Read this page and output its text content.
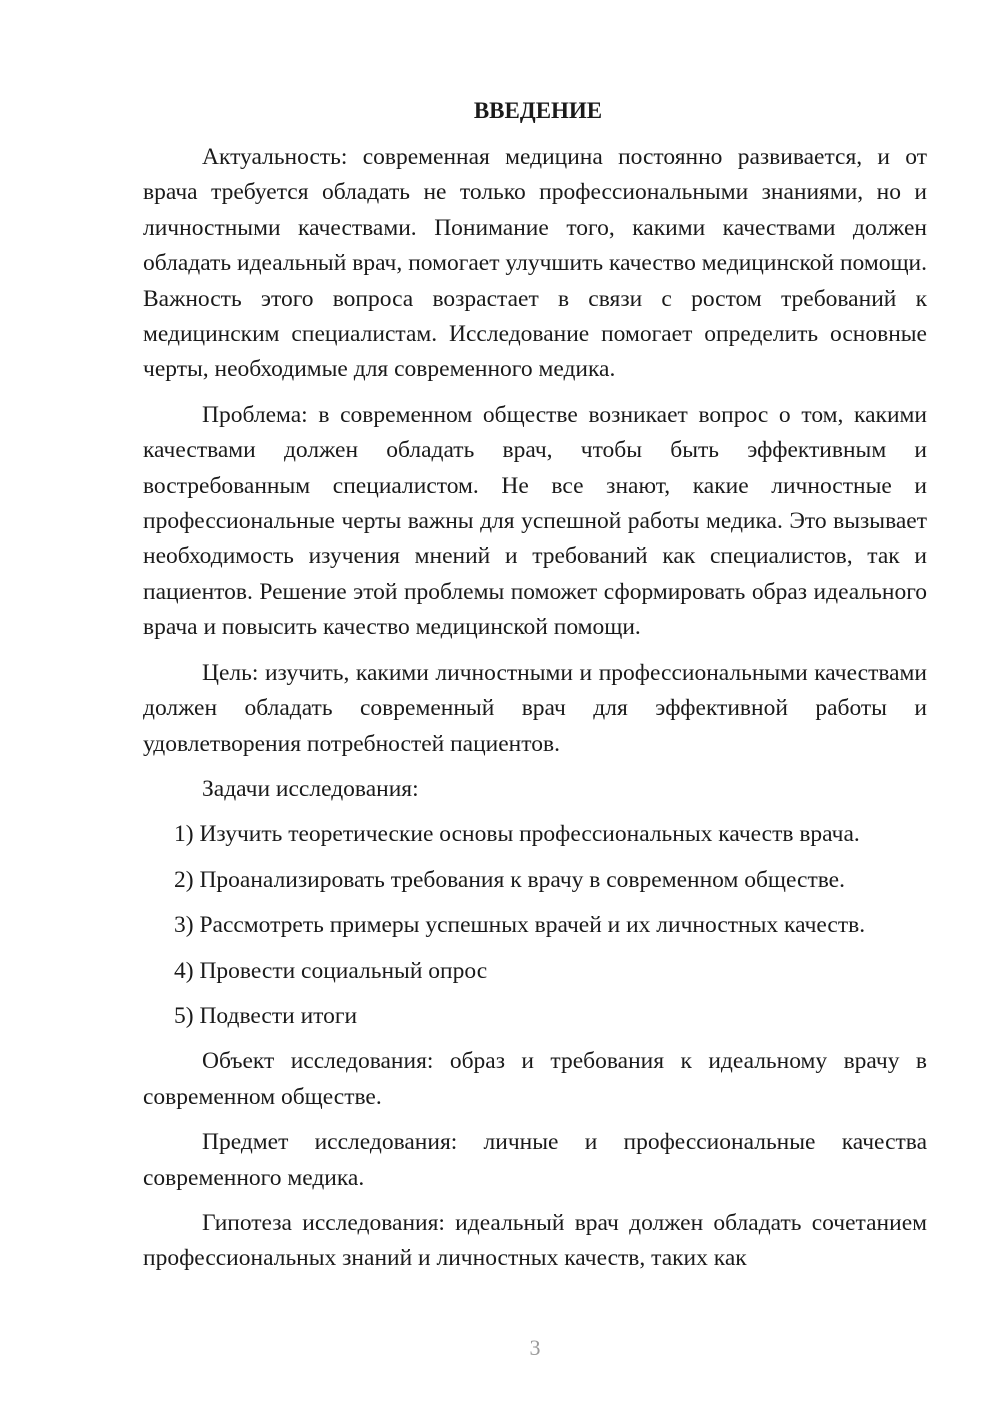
ВВЕДЕНИЕ

Актуальность: современная медицина постоянно развивается, и от врача требуется обладать не только профессиональными знаниями, но и личностными качествами. Понимание того, какими качествами должен обладать идеальный врач, помогает улучшить качество медицинской помощи. Важность этого вопроса возрастает в связи с ростом требований к медицинским специалистам. Исследование помогает определить основные черты, необходимые для современного медика.

Проблема: в современном обществе возникает вопрос о том, какими качествами должен обладать врач, чтобы быть эффективным и востребованным специалистом. Не все знают, какие личностные и профессиональные черты важны для успешной работы медика. Это вызывает необходимость изучения мнений и требований как специалистов, так и пациентов. Решение этой проблемы поможет сформировать образ идеального врача и повысить качество медицинской помощи.

Цель: изучить, какими личностными и профессиональными качествами должен обладать современный врач для эффективной работы и удовлетворения потребностей пациентов.

Задачи исследования:

1) Изучить теоретические основы профессиональных качеств врача.

2) Проанализировать требования к врачу в современном обществе.

3) Рассмотреть примеры успешных врачей и их личностных качеств.

4) Провести социальный опрос

5) Подвести итоги

Объект исследования: образ и требования к идеальному врачу в современном обществе.

Предмет исследования: личные и профессиональные качества современного медика.

Гипотеза исследования: идеальный врач должен обладать сочетанием профессиональных знаний и личностных качеств, таких как

3
